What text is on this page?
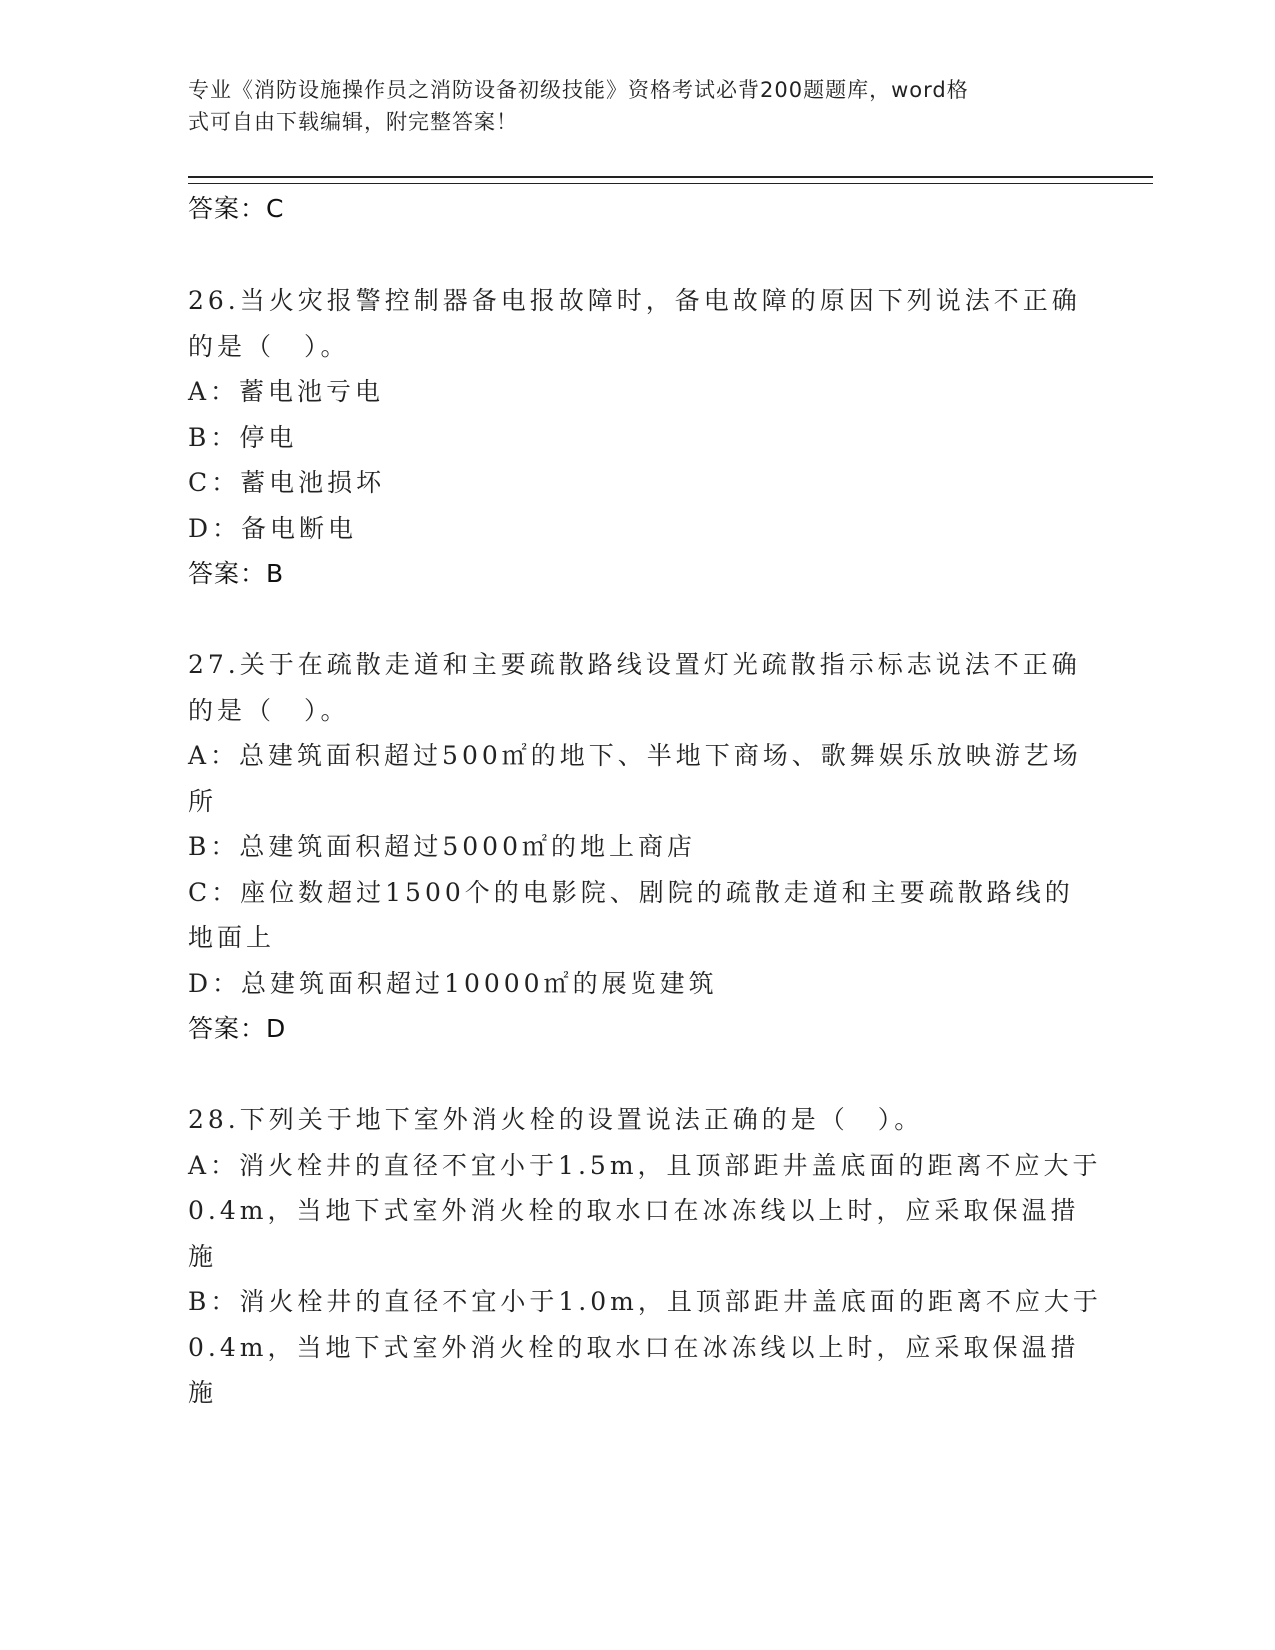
专业《消防设施操作员之消防设备初级技能》资格考试必背200题题库，word格
式可自由下载编辑，附完整答案！
答案：C
26.当火灾报警控制器备电报故障时，备电故障的原因下列说法不正确
的是（　）。
A：蓄电池亏电
B：停电
C：蓄电池损坏
D：备电断电
答案：B
27.关于在疏散走道和主要疏散路线设置灯光疏散指示标志说法不正确
的是（　）。
A：总建筑面积超过500㎡的地下、半地下商场、歌舞娱乐放映游艺场
所
B：总建筑面积超过5000㎡的地上商店
C：座位数超过1500个的电影院、剧院的疏散走道和主要疏散路线的
地面上
D：总建筑面积超过10000㎡的展览建筑
答案：D
28.下列关于地下室外消火栓的设置说法正确的是（　）。
A：消火栓井的直径不宜小于1.5m，且顶部距井盖底面的距离不应大于
0.4m，当地下式室外消火栓的取水口在冰冻线以上时，应采取保温措
施
B：消火栓井的直径不宜小于1.0m，且顶部距井盖底面的距离不应大于
0.4m，当地下式室外消火栓的取水口在冰冻线以上时，应采取保温措
施
